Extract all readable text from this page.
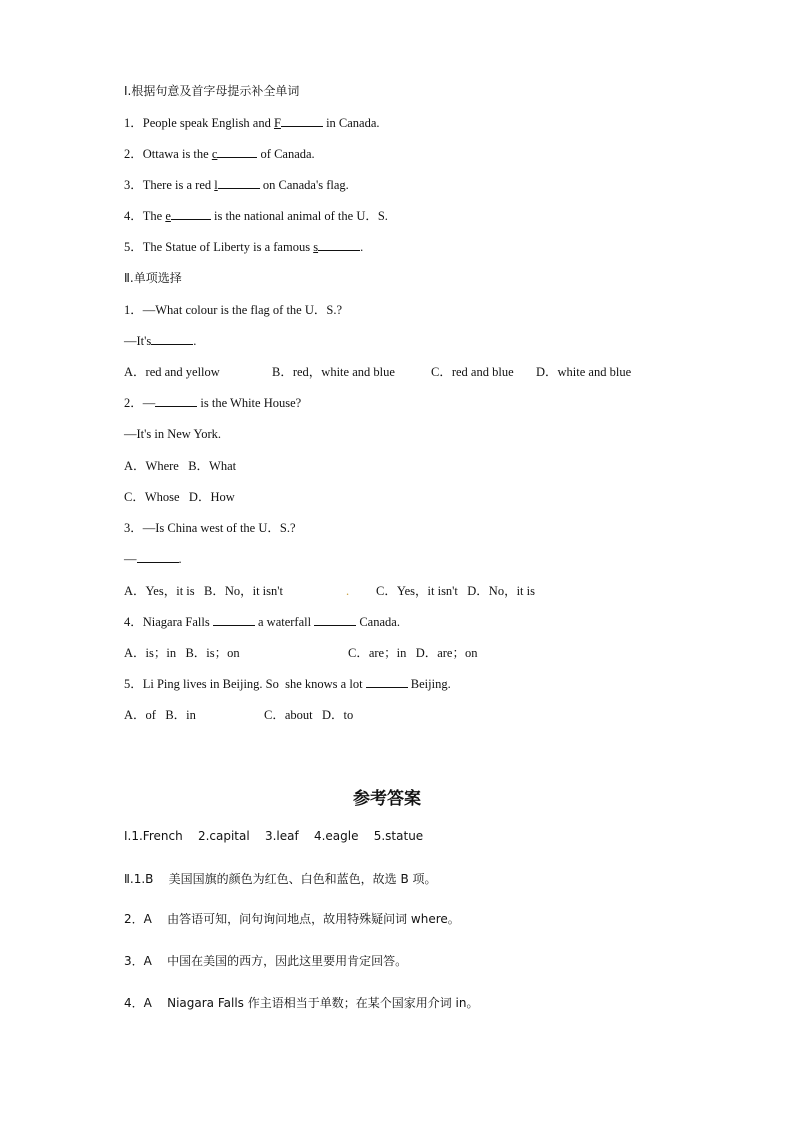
Ⅰ.根据句意及首字母提示补全单词
1．People speak English and F	in Canada.
2．Ottawa is the c	of Canada.
3．There is a red l	on Canada's flag.
4．The e	is the national animal of the U．S.
5．The Statue of Liberty is a famous s	.
Ⅱ.单项选择
1．—What colour is the flag of the U．S.?
—It's	.
A．red and yellow	B．red，white and blue	C．red and blue D．white and blue
2．—	is the White House?
—It's in New York.
A．Where   B．What
C．Whose   D．How
3．—Is China west of the U．S.?
—	.
A．Yes，it is   B．No，it isn't	. C．Yes，it isn't   D．No，it is
4．Niagara Falls	a waterfall	Canada.
A．is；in   B．is；on	C．are；in   D．are；on
5．Li Ping lives in Beijing. So  she knows a lot	Beijing.
A．of   B．in	C．about   D．to
参考答案
Ⅰ.1.French    2.capital    3.leaf    4.eagle    5.statue
Ⅱ.1.B    美国国旗的颜色为红色、白色和蓝色，故选 B 项。
2．A    由答语可知，问句询问地点，故用特殊疑问词 where。
3．A    中国在美国的西方，因此这里要用肯定回答。
4．A    Niagara Falls 作主语相当于单数；在某个国家用介词 in。
